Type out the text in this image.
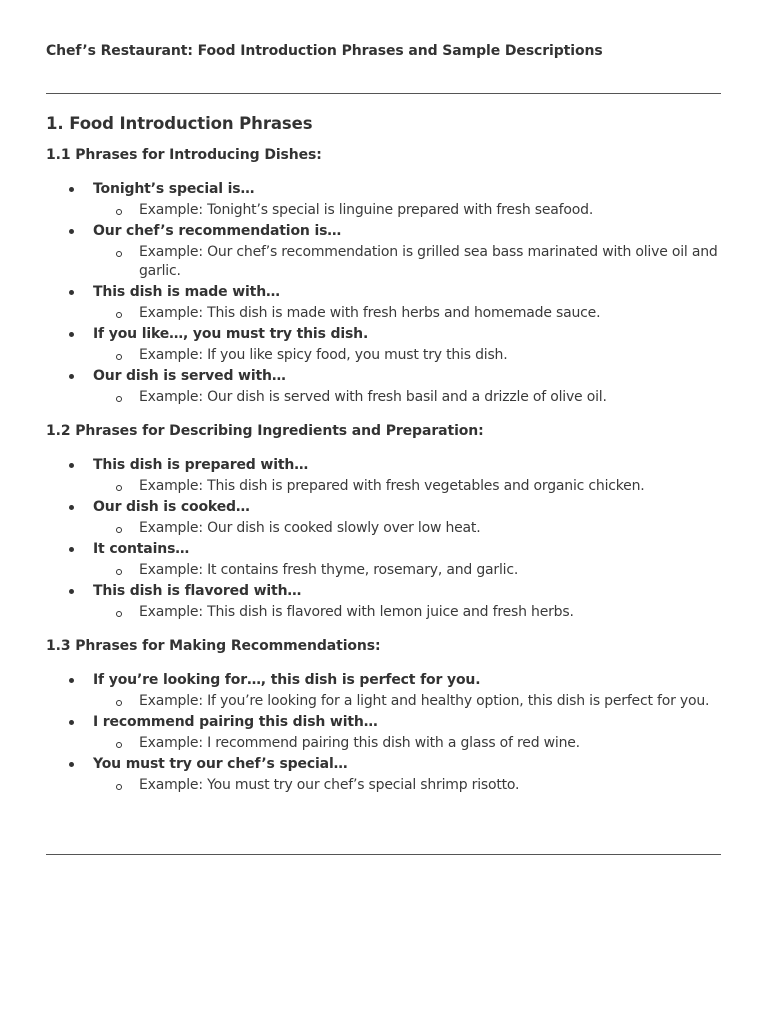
Chef’s Restaurant: Food Introduction Phrases and Sample Descriptions
1. Food Introduction Phrases
1.1 Phrases for Introducing Dishes:
Tonight’s special is…
Example: Tonight’s special is linguine prepared with fresh seafood.
Our chef’s recommendation is…
Example: Our chef’s recommendation is grilled sea bass marinated with olive oil and garlic.
This dish is made with…
Example: This dish is made with fresh herbs and homemade sauce.
If you like…, you must try this dish.
Example: If you like spicy food, you must try this dish.
Our dish is served with…
Example: Our dish is served with fresh basil and a drizzle of olive oil.
1.2 Phrases for Describing Ingredients and Preparation:
This dish is prepared with…
Example: This dish is prepared with fresh vegetables and organic chicken.
Our dish is cooked…
Example: Our dish is cooked slowly over low heat.
It contains…
Example: It contains fresh thyme, rosemary, and garlic.
This dish is flavored with…
Example: This dish is flavored with lemon juice and fresh herbs.
1.3 Phrases for Making Recommendations:
If you’re looking for…, this dish is perfect for you.
Example: If you’re looking for a light and healthy option, this dish is perfect for you.
I recommend pairing this dish with…
Example: I recommend pairing this dish with a glass of red wine.
You must try our chef’s special…
Example: You must try our chef’s special shrimp risotto.
